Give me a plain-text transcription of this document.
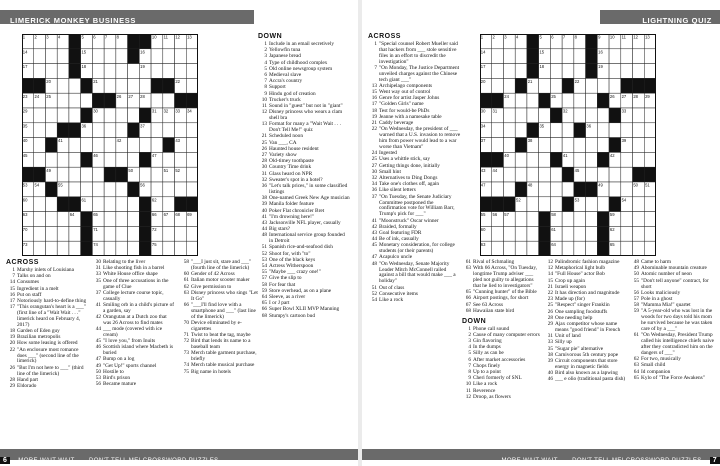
LIMERICK MONKEY BUSINESS
1 2 3 4	5 6 7 8	10 11 12 13
14	15	16
17	18	19
20	21	22
23 24 25	26 27 28
29	30	31 32 33 34
35	36	37
40	41	42	43
45	46	47
49	50	51 52
53 54	55	56
60	61	62
63	64	65	66 67 68 69
70	71	72
73	74	75
DOWN
1 Include in an email secretively
2 Yellowfin tuna
3 Japanese bread
4 Type of childhood complex
5 Old online newsgroup system
6 Medieval slave
7 Accra's country
8 Support
9 Hindu god of creation
10 Trucker's truck
11 Sound in "guest" but not in "giant"
12 Disney princess who wears a clam shell bra
13 Format for many a "Wait Wait . . . Don't Tell Me!" quiz
21 Scheduled noon
25 Van ___, CA
26 Haunted house resident
27 Variety show
28 Old-timey toothpaste
30 Country Time drink
31 Glass heard on NPR
32 Sweater's spot in a hotel?
36 "Let's talk prices," in some classified listings
38 One-named Greek New Age musician
39 Manila folder feature
40 Poker Flat chronicler Bret
41 "I'm drowning here!"
43 Jacksonville NFL player, casually
44 Big stars?
48 International service group founded in Detroit
51 Spanish rice-and-seafood dish
52 Shoot for, with "to"
53 One of the black keys
54 Actress Witherspoon
55 "Maybe ___ crazy one!"
57 Give the slip to
58 For fear that
59 Store overhead, as on a plane
64 Sleeve, as a river
65 I or J part
66 Super Bowl XLII MVP Manning
68 Stumpy's cartoon bud
ACROSS
1 Marshy inlets of Louisiana
7 Talks on and on
14 Consumes
15 Ingredient in a melt
16 Put on staff
17 Notoriously hard-to-define thing
17 "This orangutan's heart is a ___" (first line of a "Wait Wait . . ." limerick heard on February 4, 2017)
18 Garden of Eden guy
19 Brazilian metropolis
20 How some leasing is offered
22 "An enclosure most romance does ___" (second line of the limerick)
26 "But I'm not here to ___" (third line of the limerick)
28 Hand part
29 Eldorado
30 Relating to the liver
31 Like shooting fish in a barrel
33 White House office shape
35 One of three accusations in the game of Clue
37 College lecture course topic, casually
41 Smiling orb in a child's picture of a garden, say
42 Orangutan at a Dutch zoo that was 26 Across to find mates
44 ___ mode (covered with ice cream)
45 "I love you," from Inuits
46 Scottish island where Macbeth is buried
47 Bump on a log
49 "Get Up!" sports channel
50 Hostile to
53 Bird's prison
56 Became mature
58 "___I just sit, stare and ___" (fourth line of the limerick)
60 Gender of 42 Across
61 Italian motor scooter maker
62 Give permission to
63 Disney princess who sings "Let It Go"
66 "___I'll find love with a smartphone and ___" (last line of the limerick)
70 Device eliminated by e-cigarettes
71 Twist to beat the tag, maybe
72 Bird that lends its name to a baseball team
73 Merch table garment purchase, briefly
74 Merch table musical purchase
75 Big name in hotels
6 MORE WAIT WAIT . . . DON'T TELL ME! CROSSWORD PUZZLES
LIGHTNING QUIZ
ACROSS
1 "Special counsel Robert Mueller said that hackers from ___ stole sensitive files in an effort to discredit the investigation"
7 "On Monday, The Justice Department unveiled charges against the Chinese tech giant ___"
13 Archipelago components
15 Went way out of control
16 Genre for artist Jasper Johns
17 "Golden Girls" name
18 Test for would-be PhDs
19 Jeanne with a namesake table
21 Caddy beverage
22 "On Wednesday, the president of ___ warned that a U.S. invasion to remove him from power would lead to a war worse than Vietnam"
24 Ingested
25 Uses a whittle stick, say
27 Getting things done, initially
30 Small hint
32 Alternatives to Ding Dongs
34 Take one's clothes off, again
36 Like silent letters
37 "On Tuesday, the Senate Judiciary Committee postponed the confirmation vote for William Barr, Trump's pick for ___"
41 "Moonstruck" Oscar winner
42 Braided, formally
43 Goal featuring FDR
44 Be of ink, casually
45 Monetary consideration, for college students (or their parents)
47 Acapulco uncle
48 "On Wednesday, Senate Majority Leader Mitch McConnell railed against a bill that would make ___ a holiday"
51 Out of class
52 Consecutive items
54 Like a rock
1 2 3 4	5 6 7 8	9 10 11 12 13
14	15	16
17	18	19
20	21	22
24	25	26 27 28 29
30 31	32	33
34	35	36
37	38	39
40	41	42
43 44	45
47	48	49	50 51
52	53	54
55 56 57	58	59
60	61	62
63	64	65
61 Rival of Schmaling
63 With 66 Across, "On Tuesday, longtime Trump adviser ___ pled not guilty to allegations that he lied to investigators"
65 "Cunning hunter" of the Bible
66 Airport postings, for short
67 See 63 Across
68 Hawaiian state bird
DOWN
1 Phone call sound
2 Cause of many computer errors
3 Gin flavoring
4 In the dumps
5 Silly as can be
6 After market accessories
7 Chops finely
8 Up to a point
9 Cheri formerly of SNL
10 Like a rock
11 Reverence
12 Droop, as flowers
12 Palindromic fashion magazine
12 Metaphorical light bulb
14 "Full House" actor Bob
15 Crop up again
21 Israeli weapon
22 It has direction and magnitude
23 Made up (for)
25 "Respect" singer Franklin
26 One sampling foodstuffs
28 One needing help
29 Ajax competitor whose name means "good friend" in French
31 Unit of land
33 Silly up
35 "Sugar pie" alternative
38 Carnivorous 5th century pope
39 Circuit components that store energy in magnetic fields
40 Bird also known as a lapwing
46 ___ e olio (traditional pasta dish)
48 Came to harm
49 Abominable mountain creature
50 Atomic number of neon
55 "Don't tell anyone" contract, for short
56 Looks maliciously
57 Pole in a ghost
58 "Mamma Mia!" quartet
59 "A 5-year-old who was lost in the woods for two days told his mom he survived because he was taken care of by a ___"
61 "On Wednesday, President Trump called his intelligence chiefs naive after they contradicted him on the dangers of ___"
62 For two, musically
63 Small child
64 Id companion
65 Kylo of "The Force Awakens"
MORE WAIT WAIT . . . DON'T TELL ME! CROSSWORD PUZZLES 7
